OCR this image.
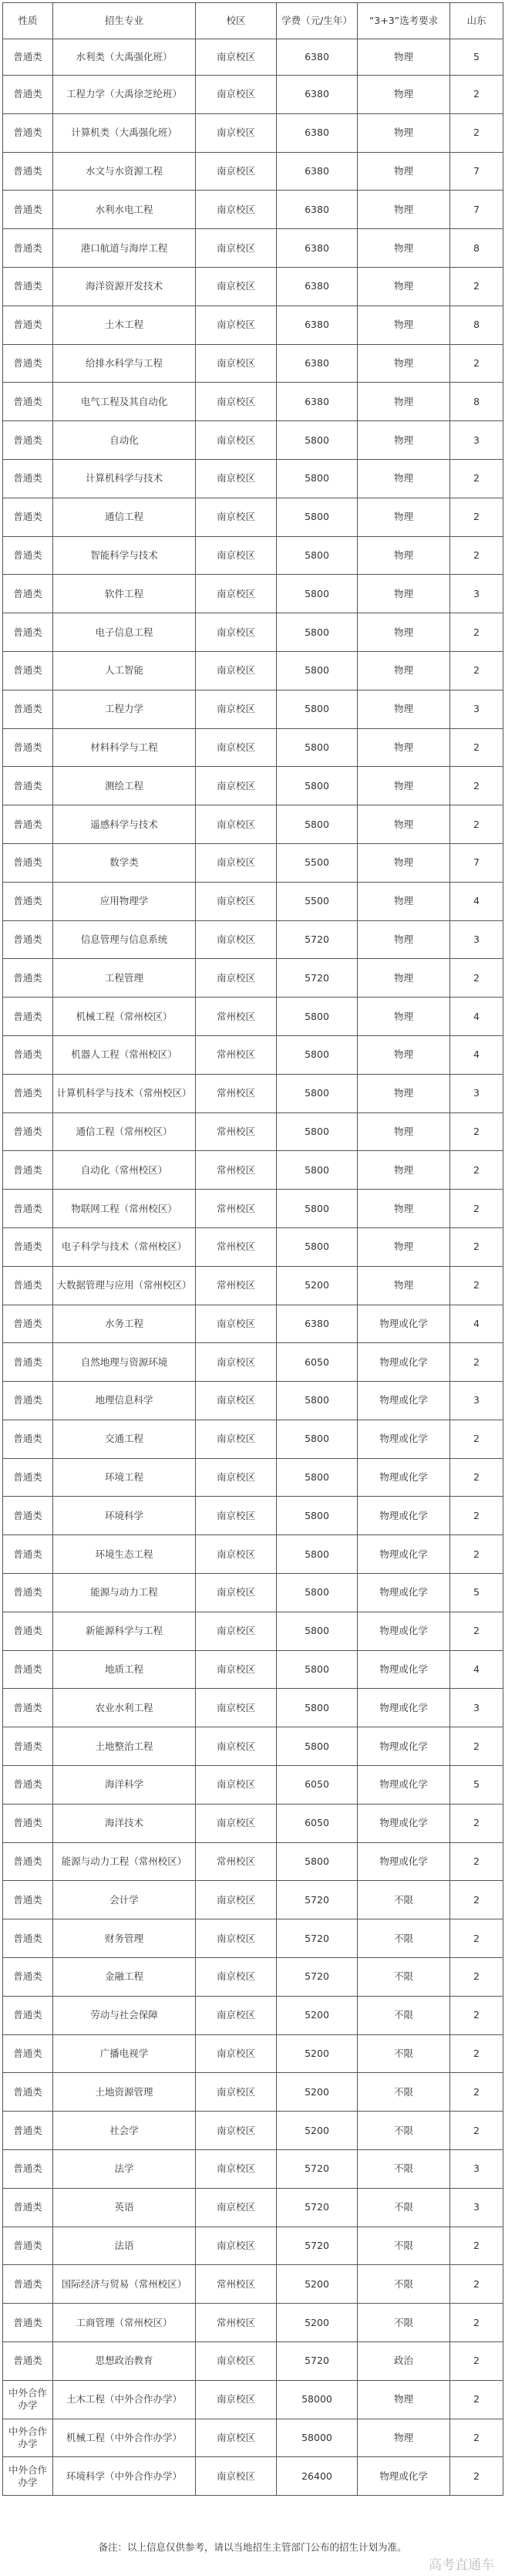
性质	招生专业	校区	学费（元/生年）	“3+3”选考要求	山东
普通类	水利类（大禹强化班）	南京校区	6380	物理	5
普通类	工程力学（大禹徐芝纶班）	南京校区	6380	物理	2
普通类	计算机类（大禹强化班）	南京校区	6380	物理	2
普通类	水文与水资源工程	南京校区	6380	物理	7
普通类	水利水电工程	南京校区	6380	物理	7
普通类	港口航道与海岸工程	南京校区	6380	物理	8
普通类	海洋资源开发技术	南京校区	6380	物理	2
普通类	土木工程	南京校区	6380	物理	8
普通类	给排水科学与工程	南京校区	6380	物理	2
普通类	电气工程及其自动化	南京校区	6380	物理	8
普通类	自动化	南京校区	5800	物理	3
普通类	计算机科学与技术	南京校区	5800	物理	2
普通类	通信工程	南京校区	5800	物理	2
普通类	智能科学与技术	南京校区	5800	物理	2
普通类	软件工程	南京校区	5800	物理	3
普通类	电子信息工程	南京校区	5800	物理	2
普通类	人工智能	南京校区	5800	物理	2
普通类	工程力学	南京校区	5800	物理	3
普通类	材料科学与工程	南京校区	5800	物理	2
普通类	测绘工程	南京校区	5800	物理	2
普通类	遥感科学与技术	南京校区	5800	物理	2
普通类	数学类	南京校区	5500	物理	7
普通类	应用物理学	南京校区	5500	物理	4
普通类	信息管理与信息系统	南京校区	5720	物理	3
普通类	工程管理	南京校区	5720	物理	2
普通类	机械工程（常州校区）	常州校区	5800	物理	4
普通类	机器人工程（常州校区）	常州校区	5800	物理	4
普通类	计算机科学与技术（常州校区）	常州校区	5800	物理	3
普通类	通信工程（常州校区）	常州校区	5800	物理	2
普通类	自动化（常州校区）	常州校区	5800	物理	2
普通类	物联网工程（常州校区）	常州校区	5800	物理	2
普通类	电子科学与技术（常州校区）	常州校区	5800	物理	2
普通类	大数据管理与应用（常州校区）	常州校区	5200	物理	2
普通类	水务工程	南京校区	6380	物理或化学	4
普通类	自然地理与资源环境	南京校区	6050	物理或化学	2
普通类	地理信息科学	南京校区	5800	物理或化学	3
普通类	交通工程	南京校区	5800	物理或化学	2
普通类	环境工程	南京校区	5800	物理或化学	2
普通类	环境科学	南京校区	5800	物理或化学	2
普通类	环境生态工程	南京校区	5800	物理或化学	2
普通类	能源与动力工程	南京校区	5800	物理或化学	5
普通类	新能源科学与工程	南京校区	5800	物理或化学	2
普通类	地质工程	南京校区	5800	物理或化学	4
普通类	农业水利工程	南京校区	5800	物理或化学	3
普通类	土地整治工程	南京校区	5800	物理或化学	2
普通类	海洋科学	南京校区	6050	物理或化学	5
普通类	海洋技术	南京校区	6050	物理或化学	2
普通类	能源与动力工程（常州校区）	常州校区	5800	物理或化学	2
普通类	会计学	南京校区	5720	不限	2
普通类	财务管理	南京校区	5720	不限	2
普通类	金融工程	南京校区	5720	不限	2
普通类	劳动与社会保障	南京校区	5200	不限	2
普通类	广播电视学	南京校区	5200	不限	2
普通类	土地资源管理	南京校区	5200	不限	2
普通类	社会学	南京校区	5200	不限	2
普通类	法学	南京校区	5720	不限	3
普通类	英语	南京校区	5720	不限	3
普通类	法语	南京校区	5720	不限	2
普通类	国际经济与贸易（常州校区）	常州校区	5200	不限	2
普通类	工商管理（常州校区）	常州校区	5200	不限	2
普通类	思想政治教育	南京校区	5720	政治	2
中外合作办学	土木工程（中外合作办学）	南京校区	58000	物理	2
中外合作办学	机械工程（中外合作办学）	南京校区	58000	物理	2
中外合作办学	环境科学（中外合作办学）	南京校区	26400	物理或化学	2
备注：以上信息仅供参考，请以当地招生主管部门公布的招生计划为准。
高考直通车
